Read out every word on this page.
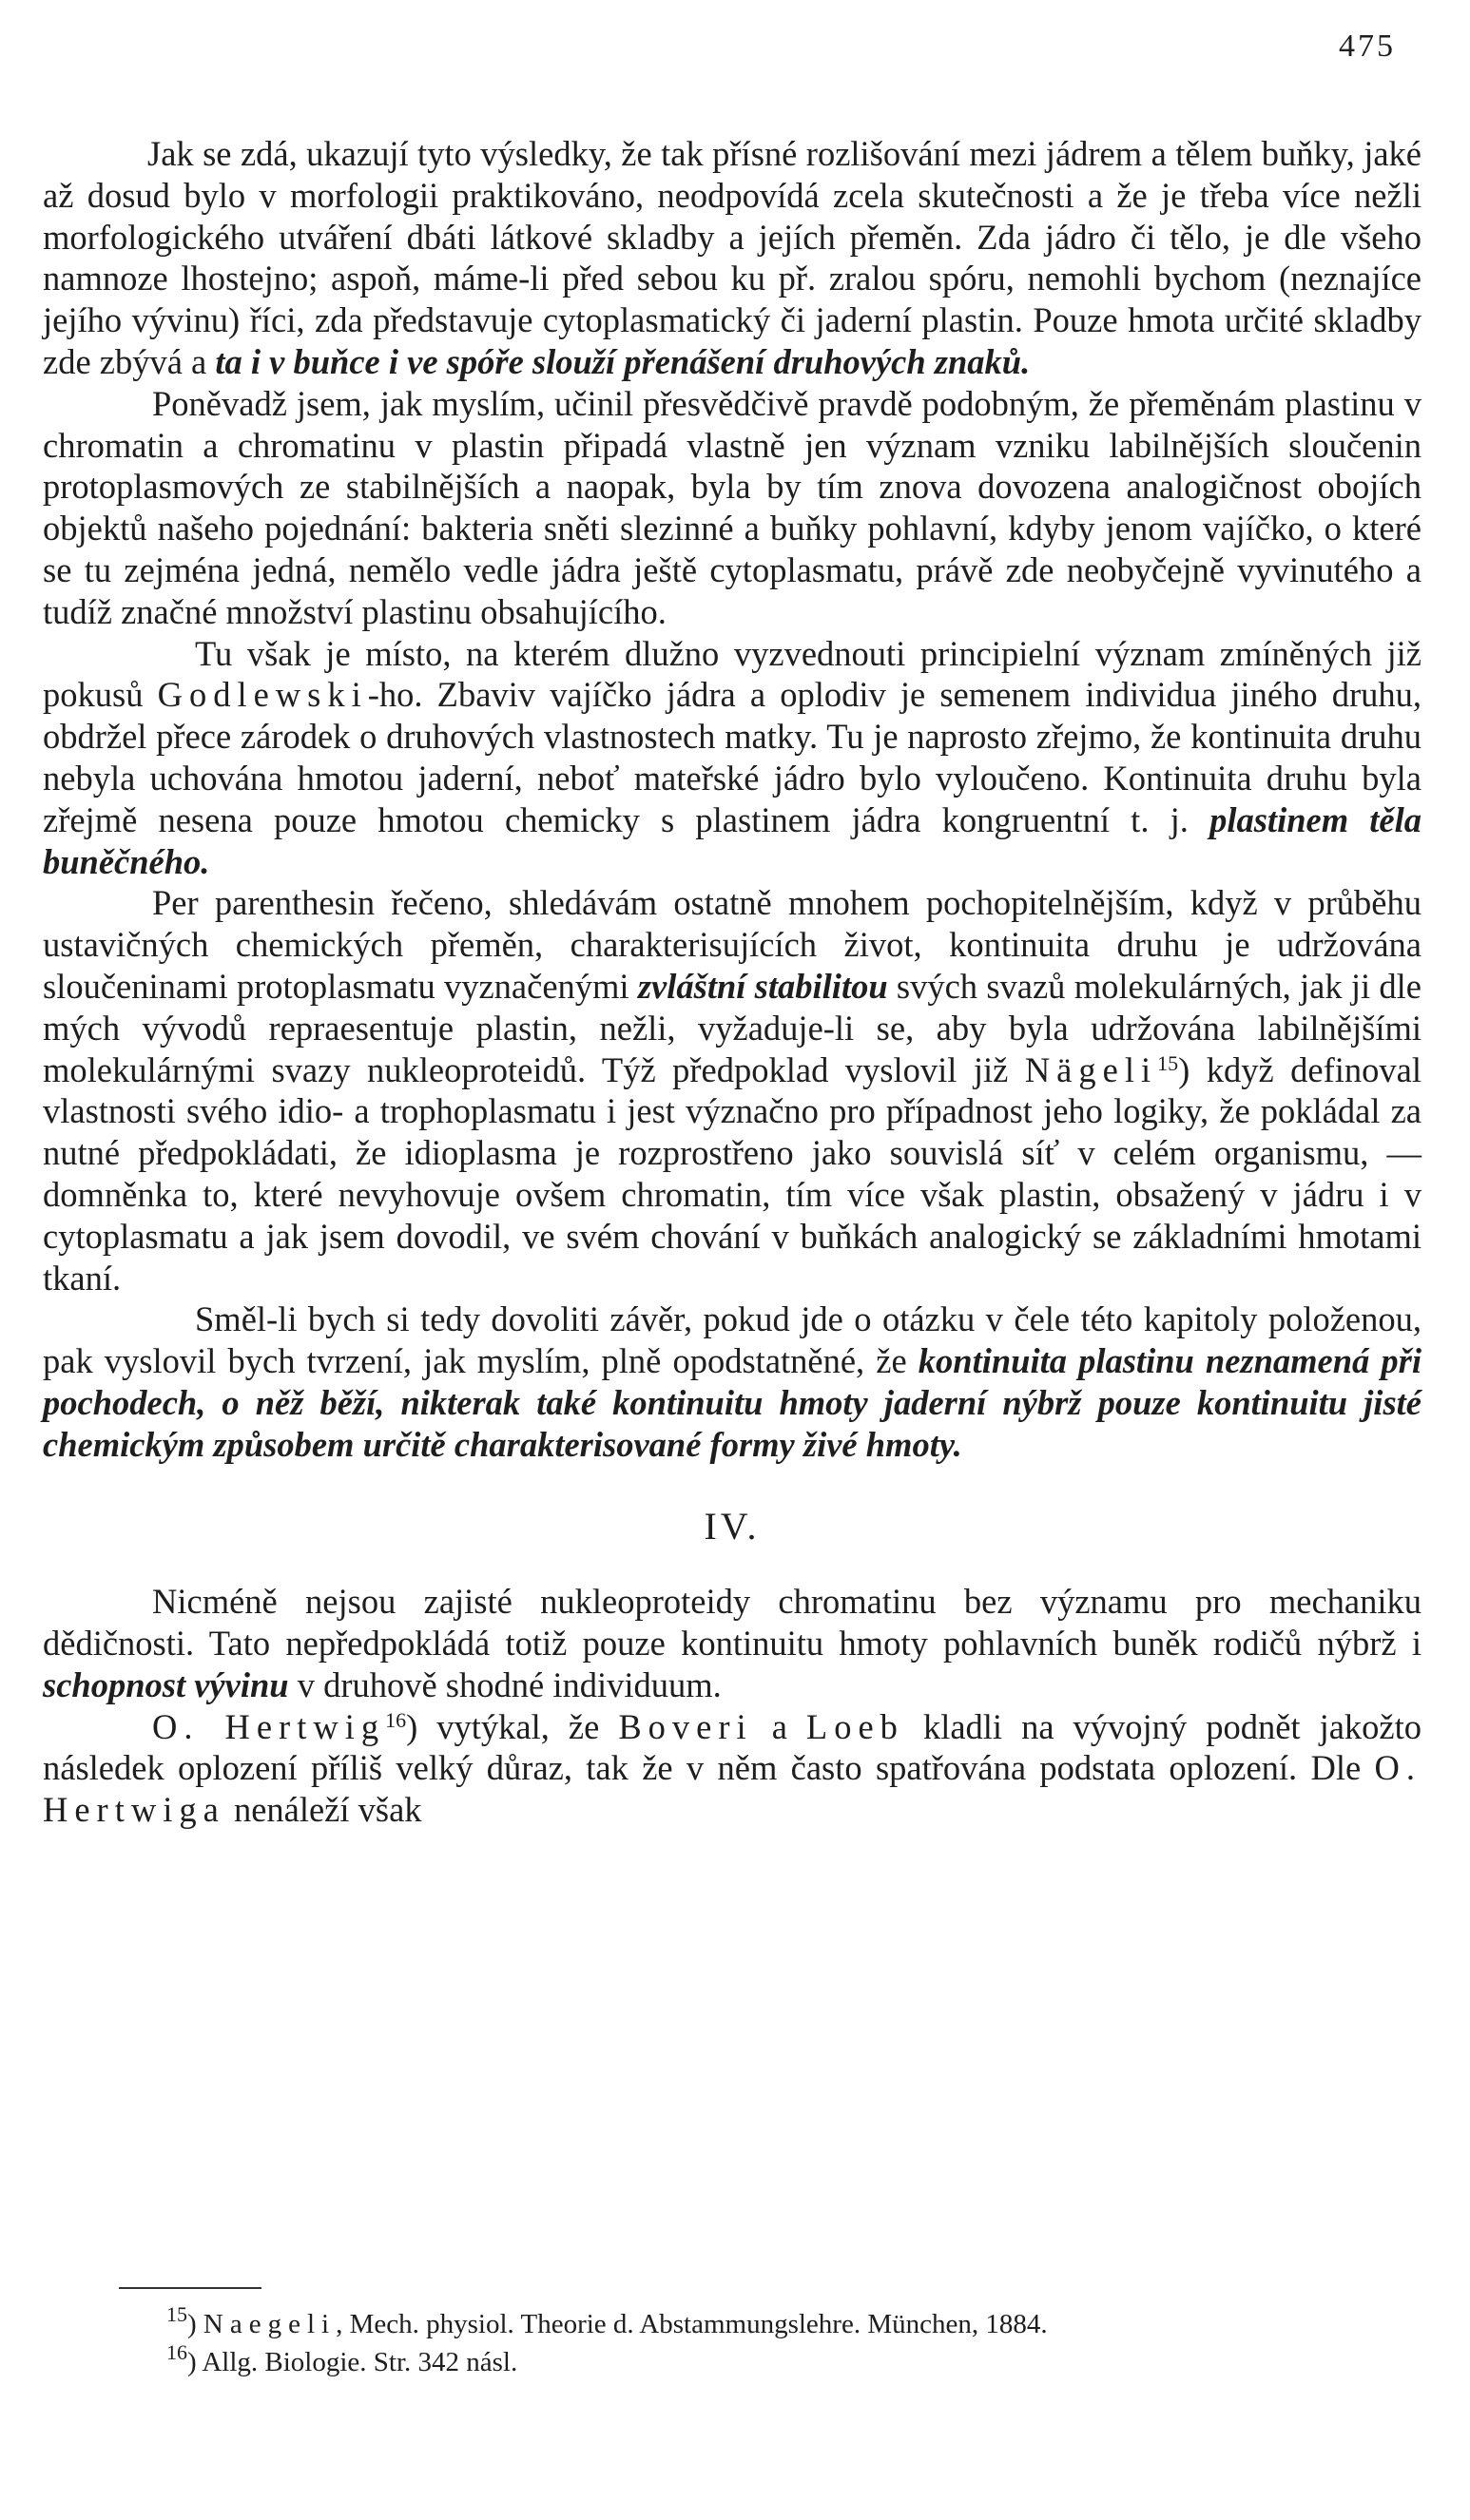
475

Jak se zdá, ukazují tyto výsledky, že tak přísné rozlišování mezi jádrem a tělem buňky, jaké až dosud bylo v morfologii praktikováno, neodpovídá zcela skutečnosti a že je třeba více nežli morfologického utváření dbáti látkové skladby a jejích přeměn. Zda jádro či tělo, je dle všeho namnoze lhostejno; aspoň, máme-li před sebou ku př. zralou spóru, nemohli bychom (neznajíce jejího vývinu) říci, zda představuje cytoplasmatický či jaderní plastin. Pouze hmota určité skladby zde zbývá a ta i v buňce i ve spóře slouží přenášení druhových znaků.

Poněvadž jsem, jak myslím, učinil přesvědčivě pravdě podobným, že přeměnám plastinu v chromatin a chromatinu v plastin připadá vlastně jen význam vzniku labilnějších sloučenin protoplasmových ze stabilnějších a naopak, byla by tím znova dovozena analogičnost obojích objektů našeho pojednání: bakteria sněti slezinné a buňky pohlavní, kdyby jenom vajíčko, o které se tu zejména jedná, nemělo vedle jádra ještě cytoplasmatu, právě zde neobyčejně vyvinutého a tudíž značné množství plastinu obsahujícího.

Tu však je místo, na kterém dlužno vyzvednouti principielní význam zmíněných již pokusů Godlewski-ho. Zbaviv vajíčko jádra a oplodiv je semenem individua jiného druhu, obdržel přece zárodek o druhových vlastnostech matky. Tu je naprosto zřejmo, že kontinuita druhu nebyla uchována hmotou jaderní, neboť mateřské jádro bylo vyloučeno. Kontinuita druhu byla zřejmě nesena pouze hmotou chemicky s plastinem jádra kongruentní t. j. plastinem těla buněčného.

Per parenthesin řečeno, shledávám ostatně mnohem pochopitelnějším, když v průběhu ustavičných chemických přeměn, charakterisujících život, kontinuita druhu je udržována sloučeninami protoplasmatu vyznačenými zvláštní stabilitou svých svazů molekulárných, jak ji dle mých vývodů repraesentuje plastin, nežli, vyžaduje-li se, aby byla udržována labilnějšími molekulárnými svazy nukleoproteidů. Týž předpoklad vyslovil již Nägeli$^{15}$) když definoval vlastnosti svého idio- a trophoplasmatu i jest význačno pro případnost jeho logiky, že pokládal za nutné předpokládati, že idioplasma je rozprostřeno jako souvislá síť v celém organismu, — domněnka to, které nevyhovuje ovšem chromatin, tím více však plastin, obsažený v jádru i v cytoplasmatu a jak jsem dovodil, ve svém chování v buňkách analogický se základními hmotami tkaní.

Směl-li bych si tedy dovoliti závěr, pokud jde o otázku v čele této kapitoly položenou, pak vyslovil bych tvrzení, jak myslím, plně opodstatněné, že kontinuita plastinu neznamená při pochodech, o něž běží, nikterak také kontinuitu hmoty jaderní nýbrž pouze kontinuitu jisté chemickým způsobem určitě charakterisované formy živé hmoty.

IV.

Nicméně nejsou zajisté nukleoproteidy chromatinu bez významu pro mechaniku dědičnosti. Tato nepředpokládá totiž pouze kontinuitu hmoty pohlavních buněk rodičů nýbrž i schopnost vývinu v druhově shodné individuum.

O. Hertwig$^{16}$) vytýkal, že Boveri a Loeb kladli na vývojný podnět jakožto následek oplození příliš velký důraz, tak že v něm často spatřována podstata oplození. Dle O. Hertwiga nenáleží však

$^{15}$) Naegeli, Mech. physiol. Theorie d. Abstammungslehre. München, 1884.

$^{16}$) Allg. Biologie. Str. 342 násl.
